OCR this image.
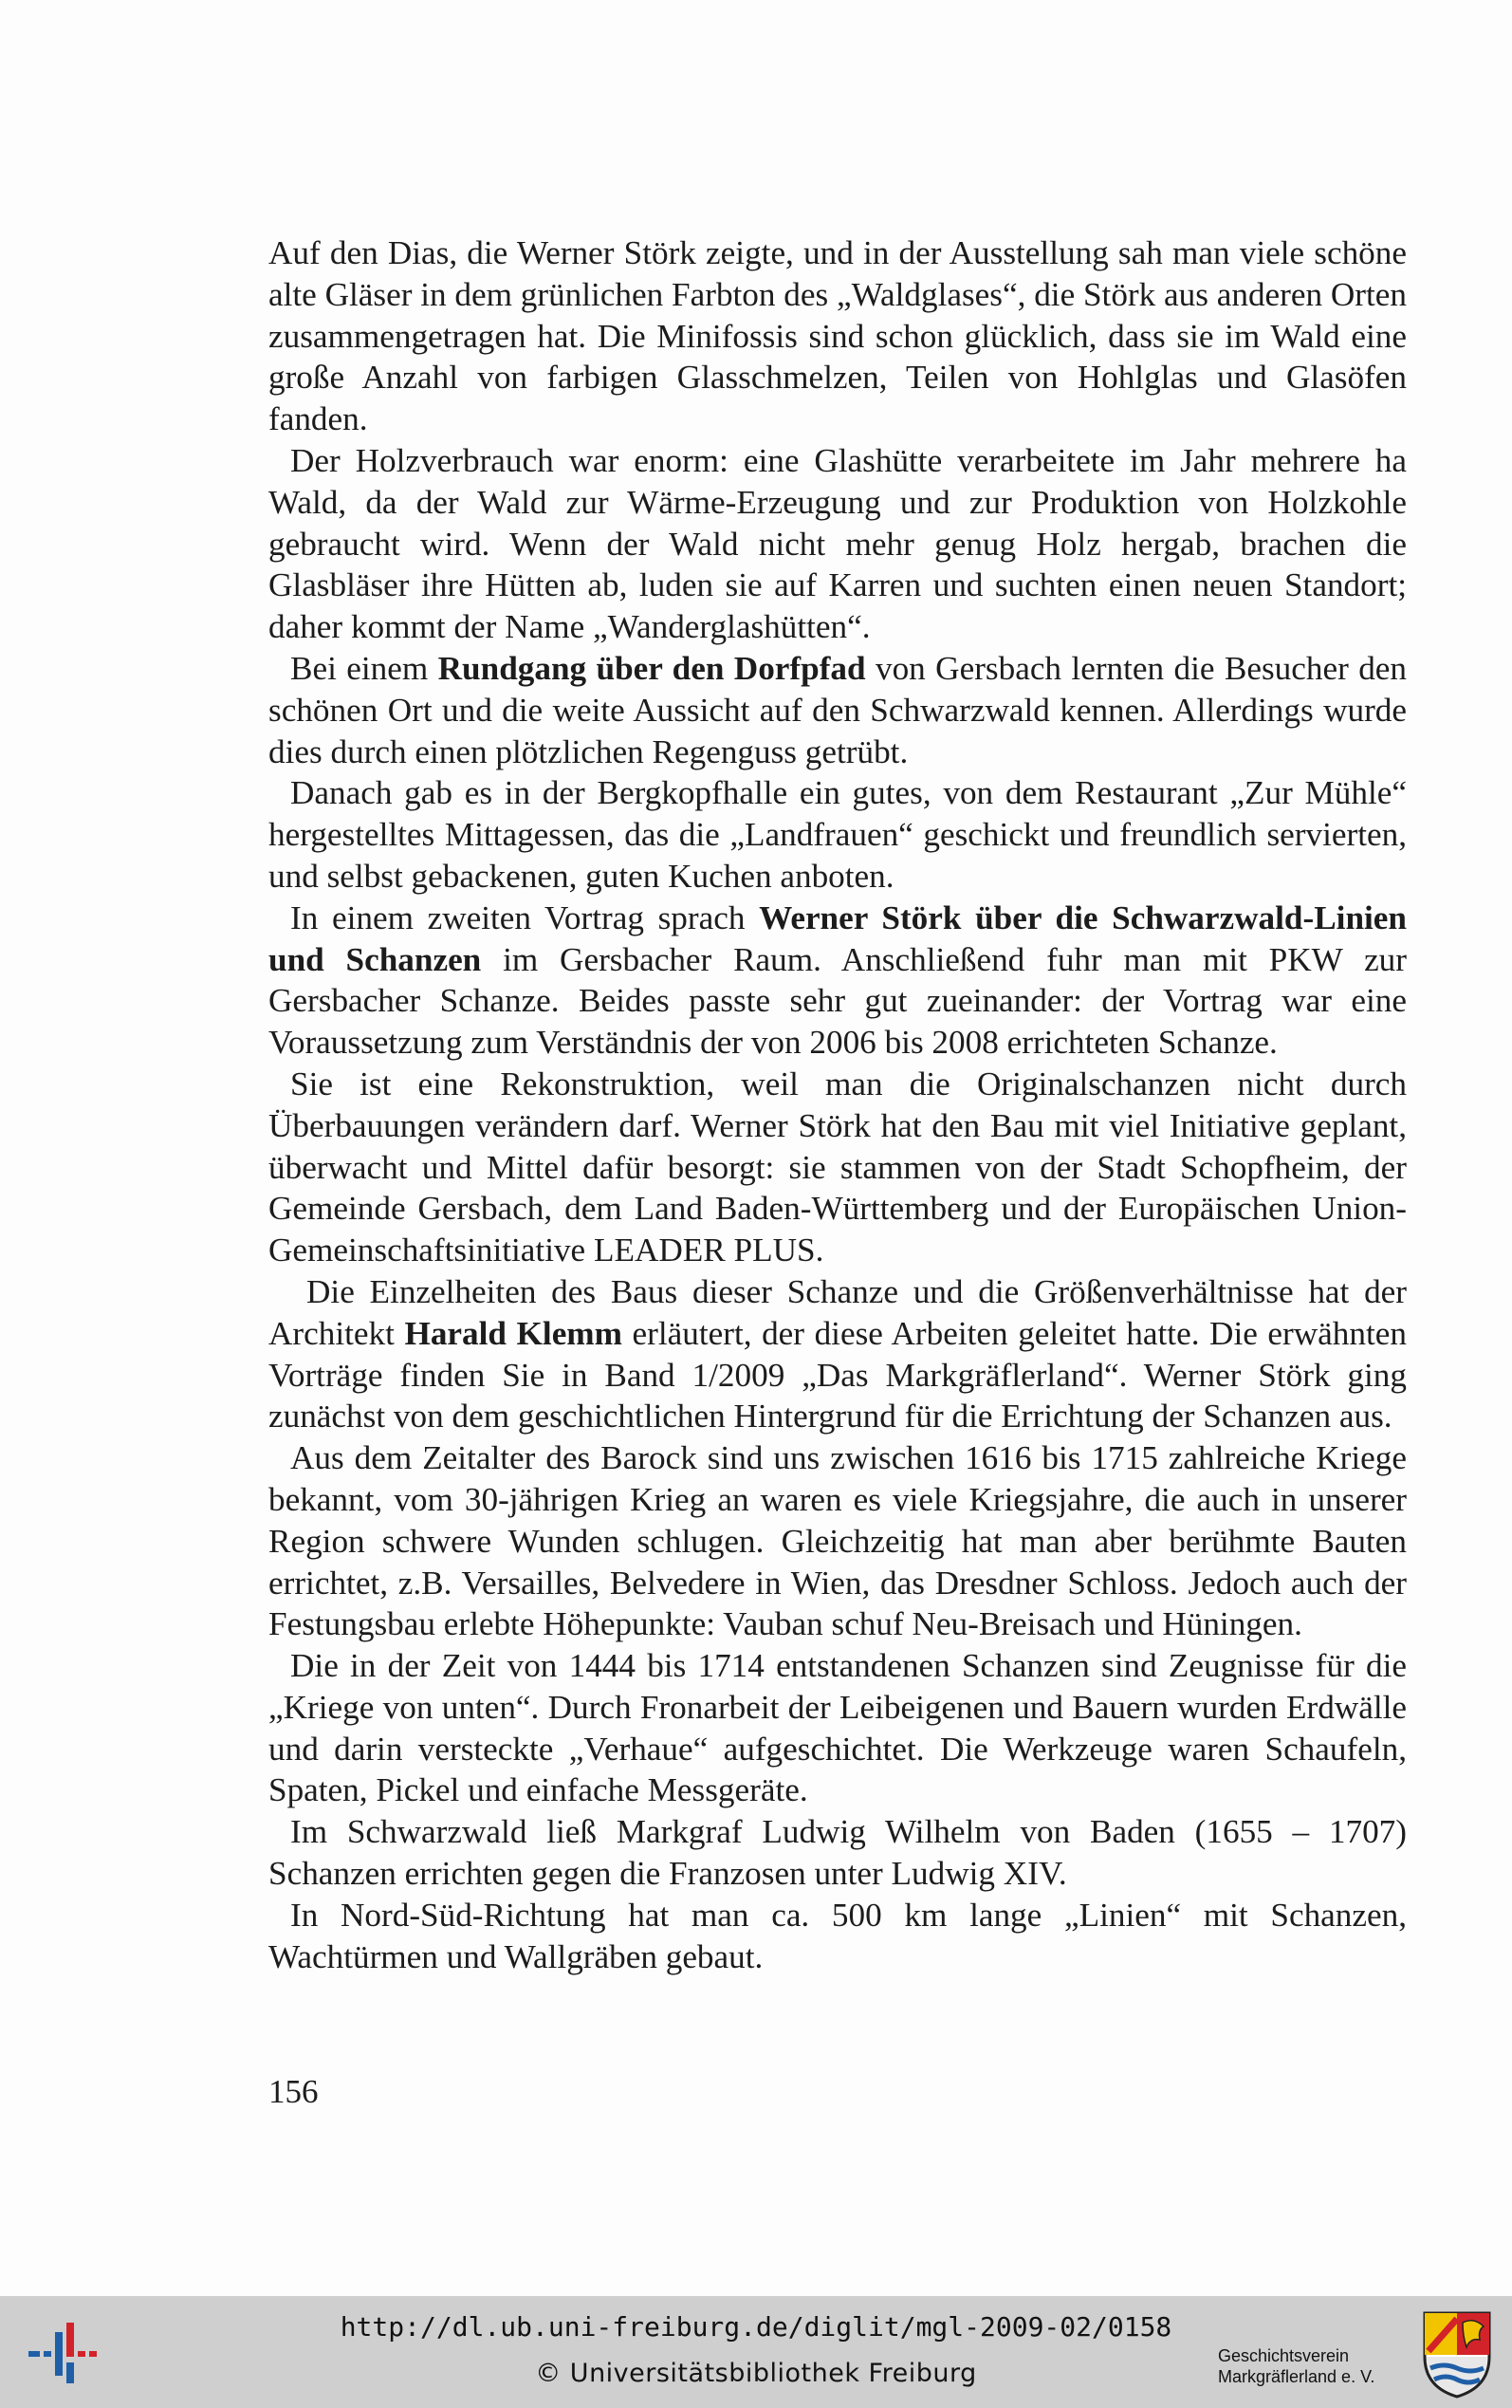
Auf den Dias, die Werner Störk zeigte, und in der Ausstellung sah man viele schöne alte Gläser in dem grünlichen Farbton des „Waldglases“, die Störk aus anderen Orten zusammengetragen hat. Die Minifossis sind schon glücklich, dass sie im Wald eine große Anzahl von farbigen Glasschmelzen, Teilen von Hohlglas und Glasöfen fanden.

Der Holzverbrauch war enorm: eine Glashütte verarbeitete im Jahr mehrere ha Wald, da der Wald zur Wärme-Erzeugung und zur Produktion von Holzkohle gebraucht wird. Wenn der Wald nicht mehr genug Holz hergab, brachen die Glasbläser ihre Hütten ab, luden sie auf Karren und suchten einen neuen Standort; daher kommt der Name „Wanderglashütten“.

Bei einem Rundgang über den Dorfpfad von Gersbach lernten die Besucher den schönen Ort und die weite Aussicht auf den Schwarzwald kennen. Allerdings wurde dies durch einen plötzlichen Regenguss getrübt.

Danach gab es in der Bergkopfhalle ein gutes, von dem Restaurant „Zur Mühle“ hergestelltes Mittagessen, das die „Landfrauen“ geschickt und freundlich servierten, und selbst gebackenen, guten Kuchen anboten.

In einem zweiten Vortrag sprach Werner Störk über die Schwarzwald-Linien und Schanzen im Gersbacher Raum. Anschließend fuhr man mit PKW zur Gersbacher Schanze. Beides passte sehr gut zueinander: der Vortrag war eine Voraussetzung zum Verständnis der von 2006 bis 2008 errichteten Schanze.

Sie ist eine Rekonstruktion, weil man die Originalschanzen nicht durch Überbauungen verändern darf. Werner Störk hat den Bau mit viel Initiative geplant, überwacht und Mittel dafür besorgt: sie stammen von der Stadt Schopfheim, der Gemeinde Gersbach, dem Land Baden-Württemberg und der Europäischen Union-Gemeinschaftsinitiative LEADER PLUS.

Die Einzelheiten des Baus dieser Schanze und die Größenverhältnisse hat der Architekt Harald Klemm erläutert, der diese Arbeiten geleitet hatte. Die erwähnten Vorträge finden Sie in Band 1/2009 „Das Markgräflerland“. Werner Störk ging zunächst von dem geschichtlichen Hintergrund für die Errichtung der Schanzen aus.

Aus dem Zeitalter des Barock sind uns zwischen 1616 bis 1715 zahlreiche Kriege bekannt, vom 30-jährigen Krieg an waren es viele Kriegsjahre, die auch in unserer Region schwere Wunden schlugen. Gleichzeitig hat man aber berühmte Bauten errichtet, z.B. Versailles, Belvedere in Wien, das Dresdner Schloss. Jedoch auch der Festungsbau erlebte Höhepunkte: Vauban schuf Neu-Breisach und Hüningen.

Die in der Zeit von 1444 bis 1714 entstandenen Schanzen sind Zeugnisse für die „Kriege von unten“. Durch Fronarbeit der Leibeigenen und Bauern wurden Erdwälle und darin versteckte „Verhaue“ aufgeschichtet. Die Werkzeuge waren Schaufeln, Spaten, Pickel und einfache Messgeräte.

Im Schwarzwald ließ Markgraf Ludwig Wilhelm von Baden (1655 – 1707) Schanzen errichten gegen die Franzosen unter Ludwig XIV.

In Nord-Süd-Richtung hat man ca. 500 km lange „Linien“ mit Schanzen, Wachtürmen und Wallgräben gebaut.

156
http://dl.ub.uni-freiburg.de/diglit/mgl-2009-02/0158
© Universitätsbibliothek Freiburg
Geschichtsverein
Markgräflerland e. V.
